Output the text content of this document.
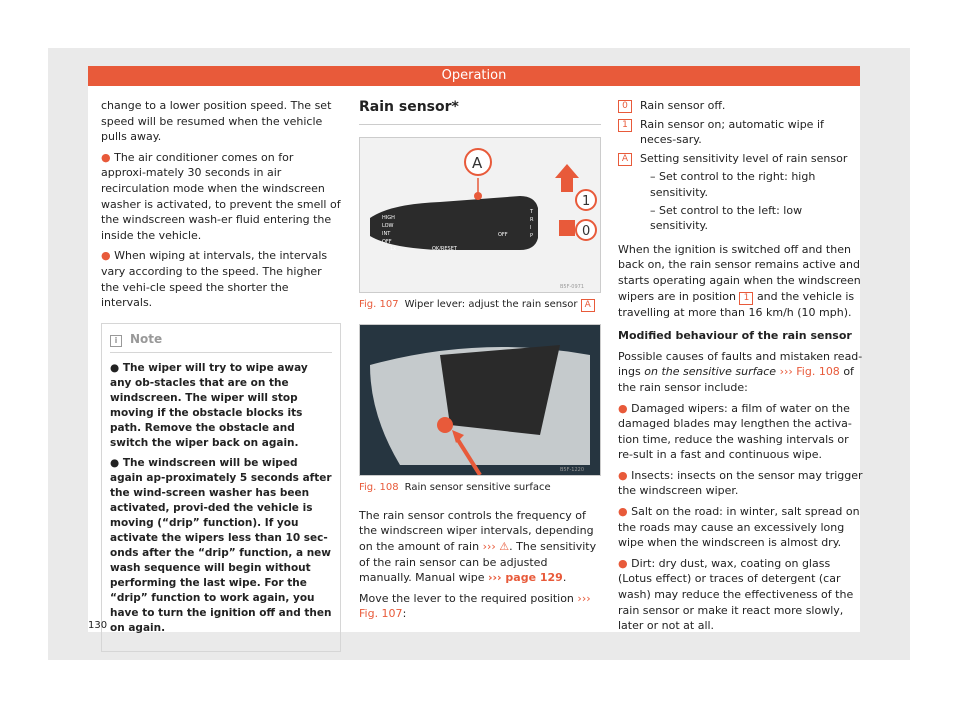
Operation

change to a lower position speed. The set speed will be resumed when the vehicle pulls away.

● The air conditioner comes on for approxi-mately 30 seconds in air recirculation mode when the windscreen washer is activated, to prevent the smell of the windscreen wash-er fluid entering the inside the vehicle.

● When wiping at intervals, the intervals vary according to the speed. The higher the vehi-cle speed the shorter the intervals.

i Note

● The wiper will try to wipe away any ob-stacles that are on the windscreen. The wiper will stop moving if the obstacle blocks its path. Remove the obstacle and switch the wiper back on again.

● The windscreen will be wiped again ap-proximately 5 seconds after the wind-screen washer has been activated, provi-ded the vehicle is moving (“drip” function). If you activate the wipers less than 10 sec-onds after the “drip” function, a new wash sequence will begin without performing the last wipe. For the “drip” function to work again, you have to turn the ignition off and then on again.

Rain sensor*
HIGH
LOW
INT
OFF
1x	OK/RESET
OFF
T
R
I
P
A
1
0
B5F-0971
Fig. 107 Wiper lever: adjust the rain sensor A
B5F-1220
Fig. 108 Rain sensor sensitive surface

The rain sensor controls the frequency of the windscreen wiper intervals, depending on the amount of rain ››› ⚠. The sensitivity of the rain sensor can be adjusted manually. Manual wipe ››› page 129.

Move the lever to the required position ››› Fig. 107:

0	Rain sensor off.
1	Rain sensor on; automatic wipe if neces-sary.
A	Setting sensitivity level of rain sensor
– Set control to the right: high sensitivity.
– Set control to the left: low sensitivity.

When the ignition is switched off and then back on, the rain sensor remains active and starts operating again when the windscreen wipers are in position 1 and the vehicle is travelling at more than 16 km/h (10 mph).

Modified behaviour of the rain sensor

Possible causes of faults and mistaken read-ings on the sensitive surface ››› Fig. 108 of the rain sensor include:

● Damaged wipers: a film of water on the damaged blades may lengthen the activa-tion time, reduce the washing intervals or re-sult in a fast and continuous wipe.

● Insects: insects on the sensor may trigger the windscreen wiper.

● Salt on the road: in winter, salt spread on the roads may cause an excessively long wipe when the windscreen is almost dry.

● Dirt: dry dust, wax, coating on glass (Lotus effect) or traces of detergent (car wash) may reduce the effectiveness of the rain sensor or make it react more slowly, later or not at all.

130
